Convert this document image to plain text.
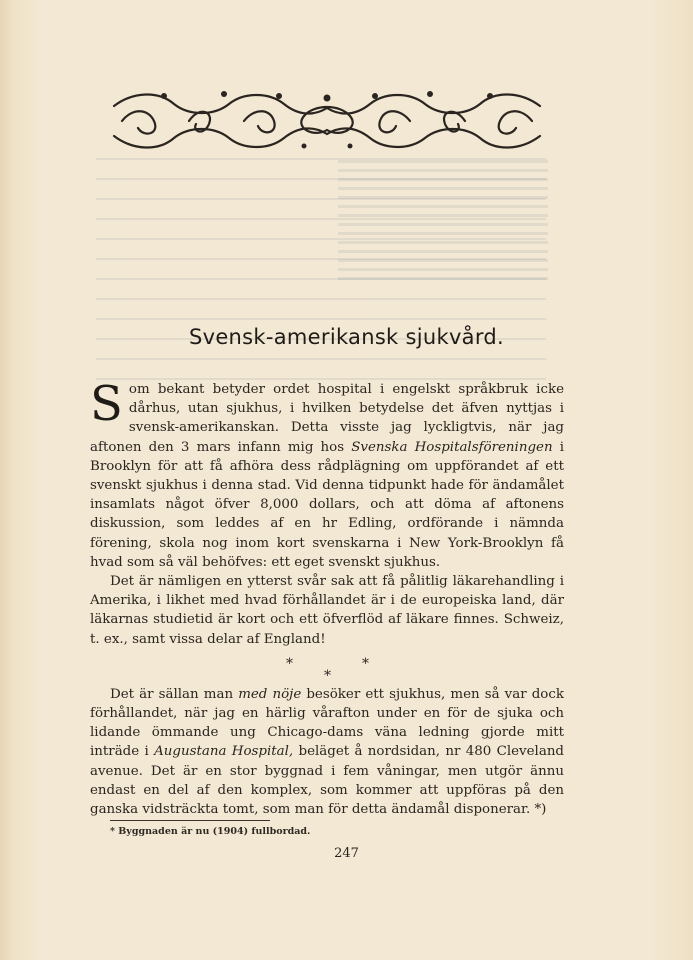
Svensk-amerikansk sjukvård.

Som bekant betyder ordet hospital i engelskt språkbruk icke dårhus, utan sjukhus, i hvilken betydelse det äfven nyttjas i svensk-amerikanskan. Detta visste jag lyckligtvis, när jag aftonen den 3 mars infann mig hos Svenska Hospitalsföreningen i Brooklyn för att få afhöra dess rådplägning om uppförandet af ett svenskt sjukhus i denna stad. Vid denna tidpunkt hade för ändamålet insamlats något öfver 8,000 dollars, och att döma af aftonens diskussion, som leddes af en hr Edling, ordförande i nämnda förening, skola nog inom kort svenskarna i New York-Brooklyn få hvad som så väl behöfves: ett eget svenskt sjukhus.

Det är nämligen en ytterst svår sak att få pålitlig läkarehandling i Amerika, i likhet med hvad förhållandet är i de europeiska land, där läkarnas studietid är kort och ett öfverflöd af läkare finnes. Schweiz, t. ex., samt vissa delar af England!

*
*
*

Det är sällan man med nöje besöker ett sjukhus, men så var dock förhållandet, när jag en härlig vårafton under en för de sjuka och lidande ömmande ung Chicago-dams väna ledning gjorde mitt inträde i Augustana Hospital, beläget å nordsidan, nr 480 Cleveland avenue. Det är en stor byggnad i fem våningar, men utgör ännu endast en del af den komplex, som kommer att uppföras på den ganska vidsträckta tomt, som man för detta ändamål disponerar. *)

* Byggnaden är nu (1904) fullbordad.
247
